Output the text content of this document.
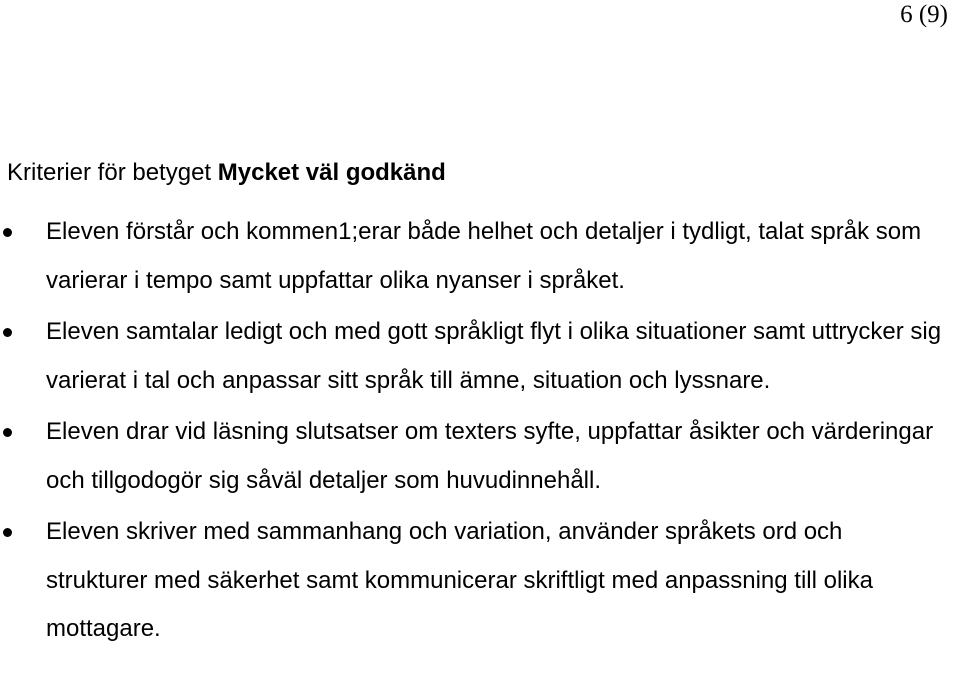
6 (9)
Kriterier för betyget Mycket väl godkänd
Eleven förstår och kommen1;erar både helhet och detaljer i tydligt, talat språk som varierar i tempo samt uppfattar olika nyanser i språket.
Eleven samtalar ledigt och med gott språkligt flyt i olika situationer samt uttrycker sig varierat i tal och anpassar sitt språk till ämne, situation och lyssnare.
Eleven drar vid läsning slutsatser om texters syfte, uppfattar åsikter och värderingar och tillgodogör sig såväl detaljer som huvudinnehåll.
Eleven skriver med sammanhang och variation, använder språkets ord och strukturer med säkerhet samt kommunicerar skriftligt med anpassning till olika mottagare.
